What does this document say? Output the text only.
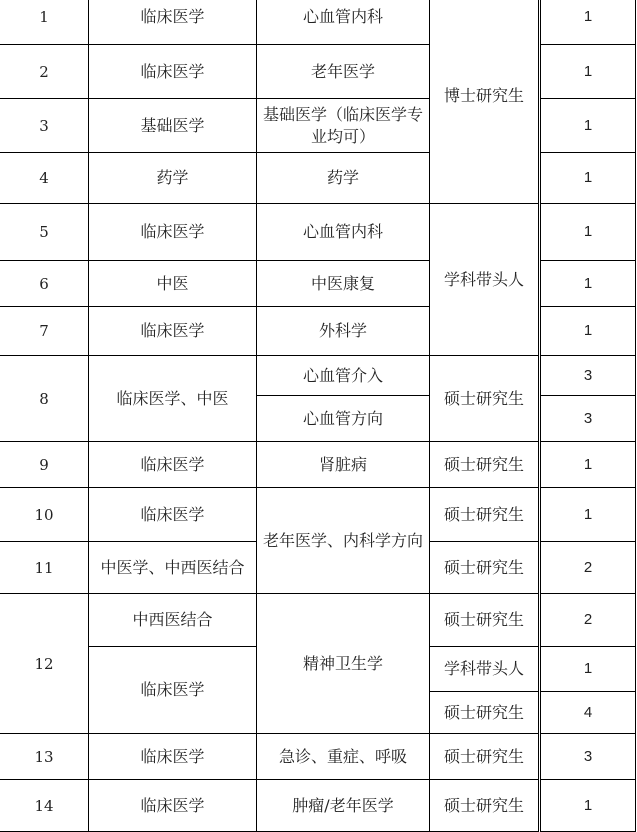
1	临床医学	心血管内科	博士研究生		1
2	临床医学	老年医学			1
3	基础医学	基础医学（临床医学专业均可）			1
4	药学	药学			1
5	临床医学	心血管内科	学科带头人		1
6	中医	中医康复			1
7	临床医学	外科学			1
8	临床医学、中医	心血管介入	硕士研究生		3
		心血管方向			3
9	临床医学	肾脏病	硕士研究生		1
10	临床医学	老年医学、内科学方向	硕士研究生		1
11	中医学、中西医结合		硕士研究生		2
12	中西医结合	精神卫生学	硕士研究生		2
	临床医学		学科带头人		1
			硕士研究生		4
13	临床医学	急诊、重症、呼吸	硕士研究生		3
14	临床医学	肿瘤/老年医学	硕士研究生		1
